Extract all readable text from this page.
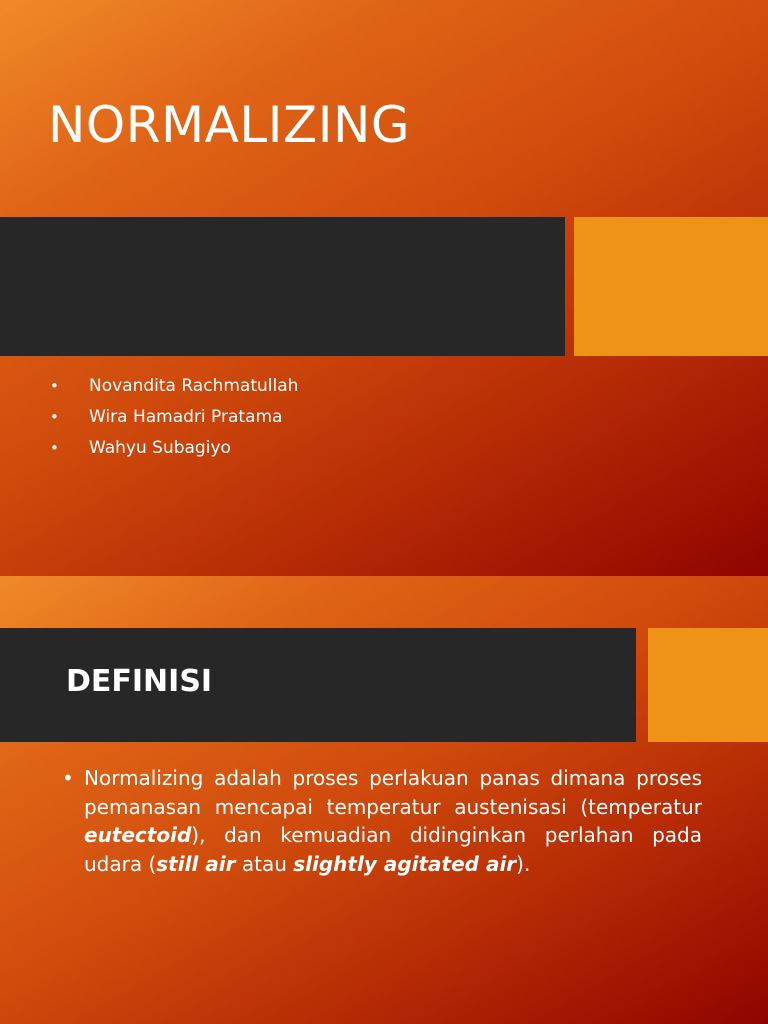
NORMALIZING
•	Novandita Rachmatullah
•	Wira Hamadri Pratama
•	Wahyu Subagiyo
DEFINISI
• Normalizing adalah proses perlakuan panas dimana proses pemanasan mencapai temperatur austenisasi (temperatur eutectoid), dan kemuadian didinginkan perlahan pada udara (still air atau slightly agitated air).
